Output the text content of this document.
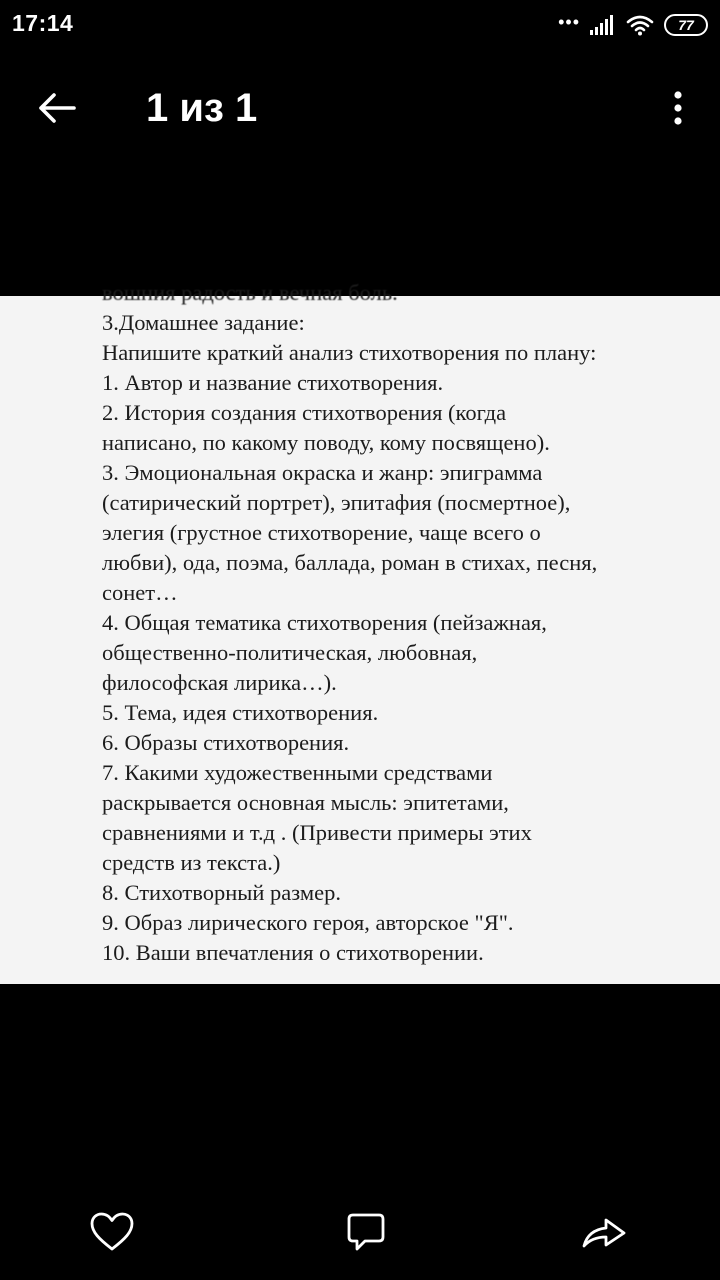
17:14	•••	77
1 из 1
вошния радость и вечная боль.
3.Домашнее задание:
Напишите краткий анализ стихотворения по плану:
1. Автор и название стихотворения.
2. История создания стихотворения (когда
написано, по какому поводу, кому посвящено).
3. Эмоциональная окраска и жанр: эпиграмма
(сатирический портрет), эпитафия (посмертное),
элегия (грустное стихотворение, чаще всего о
любви), ода, поэма, баллада, роман в стихах, песня,
сонет…
4. Общая тематика стихотворения (пейзажная,
общественно-политическая, любовная,
философская лирика…).
5. Тема, идея стихотворения.
6. Образы стихотворения.
7. Какими художественными средствами
раскрывается основная мысль: эпитетами,
сравнениями и т.д . (Привести примеры этих
средств из текста.)
8. Стихотворный размер.
9. Образ лирического героя, авторское "Я".
10. Ваши впечатления о стихотворении.
